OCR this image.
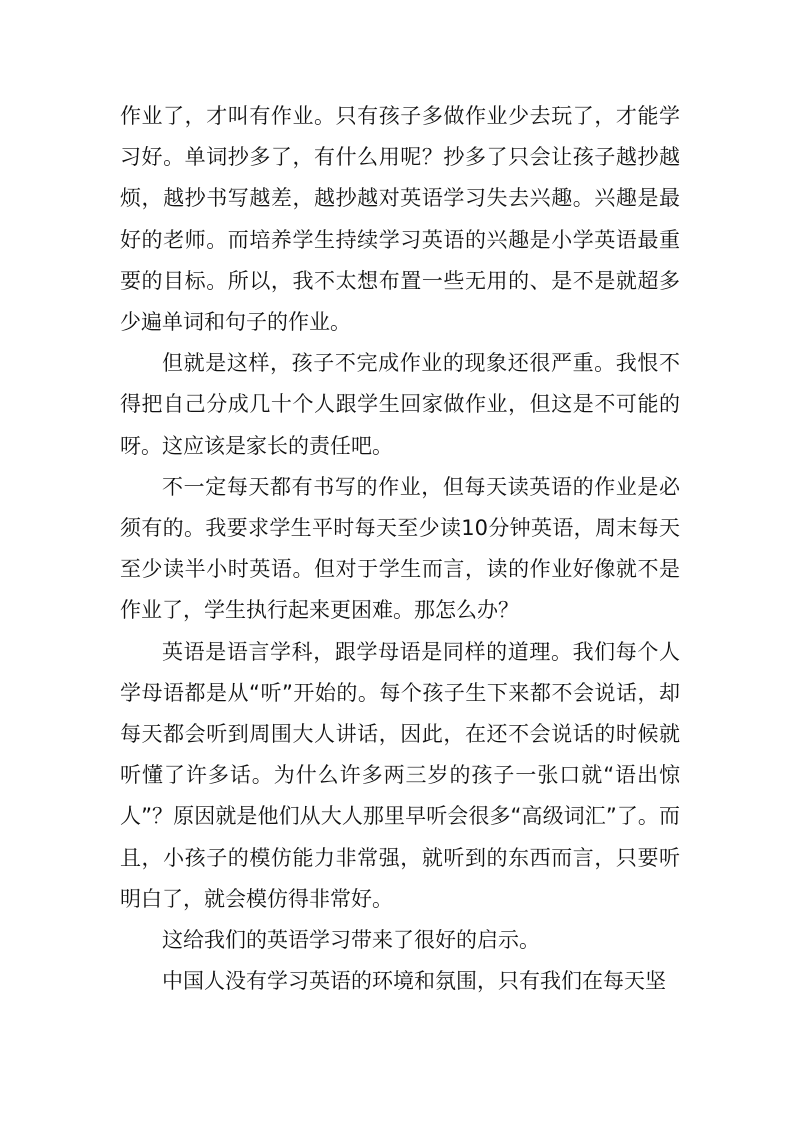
作业了，才叫有作业。只有孩子多做作业少去玩了，才能学习好。单词抄多了，有什么用呢？抄多了只会让孩子越抄越烦，越抄书写越差，越抄越对英语学习失去兴趣。兴趣是最好的老师。而培养学生持续学习英语的兴趣是小学英语最重要的目标。所以，我不太想布置一些无用的、是不是就超多少遍单词和句子的作业。

但就是这样，孩子不完成作业的现象还很严重。我恨不得把自己分成几十个人跟学生回家做作业，但这是不可能的呀。这应该是家长的责任吧。

不一定每天都有书写的作业，但每天读英语的作业是必须有的。我要求学生平时每天至少读10分钟英语，周末每天至少读半小时英语。但对于学生而言，读的作业好像就不是作业了，学生执行起来更困难。那怎么办？

英语是语言学科，跟学母语是同样的道理。我们每个人学母语都是从“听”开始的。每个孩子生下来都不会说话，却每天都会听到周围大人讲话，因此，在还不会说话的时候就听懂了许多话。为什么许多两三岁的孩子一张口就“语出惊人”？原因就是他们从大人那里早听会很多“高级词汇”了。而且，小孩子的模仿能力非常强，就听到的东西而言，只要听明白了，就会模仿得非常好。

这给我们的英语学习带来了很好的启示。

中国人没有学习英语的环境和氛围，只有我们在每天坚
